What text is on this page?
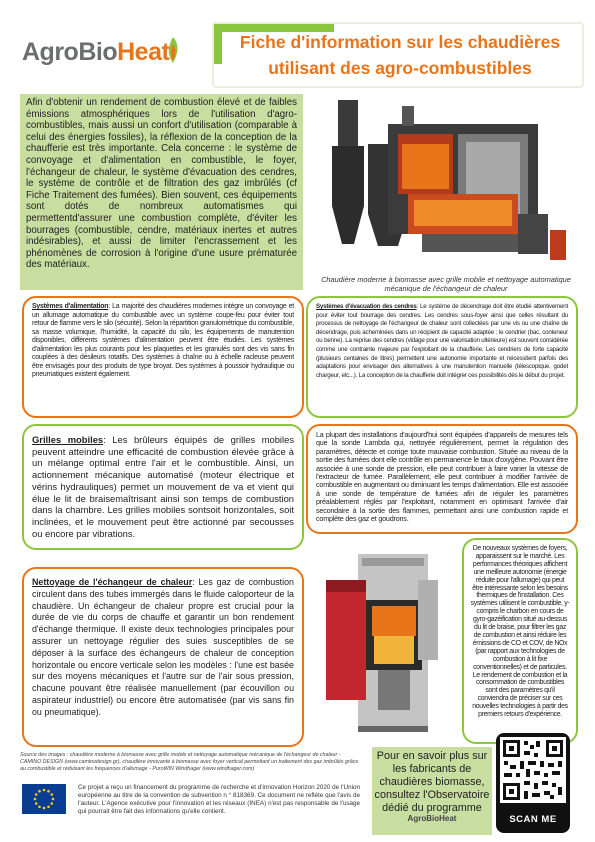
AgroBioHeat	Fiche d'information sur les chaudières
utilisant des agro-combustibles
Afin d'obtenir un rendement de combustion élevé et de faibles émissions atmosphériques lors de l'utilisation d'agro-combustibles, mais aussi un confort d'utilisation (comparable à celui des énergies fossiles), la réflexion de la conception de la chaufferie est très importante. Cela concerne : le système de convoyage et d'alimentation en combustible, le foyer, l'échangeur de chaleur, le système d'évacuation des cendres, le système de contrôle et de filtration des gaz imbrûlés (cf Fiche Traitement des fumées). Bien souvent, ces équipements sont dotés de nombreux automatismes qui permettentd'assurer une combustion complète, d'éviter les bourrages (combustible, cendre, matériaux inertes et autres indésirables), et aussi de limiter l'encrassement et les phénomènes de corrosion à l'origine d'une usure prématurée des matériaux.
Chaudière moderne à biomasse avec grille mobile et nettoyage automatique mécanique de l'échangeur de chaleur
Systèmes d'alimentation: La majorité des chaudières modernes intègre un convoyage et un allumage automatique du combustible avec un système coupe-feu pour éviter tout retour de flamme vers le silo (sécurité). Selon la répartition granulométrique du combustible, sa masse volumique, l'humidité, la capacité du silo, les équipements de manutention disponibles, différents systèmes d'alimentation peuvent être étudiés. Les systèmes d'alimentation les plus courants pour les plaquettes et les granulés sont des vis sans fin couplées à des désileurs rotatifs. Des systèmes à chaîne ou à échelle racleuse peuvent être envisagés pour des produits de type broyat. Des systèmes à poussoir hydraulique ou pneumatiques existent également.
Systèmes d'évacuation des cendres: Le système de décendrage doit être étudié attentivement pour éviter tout bourrage des cendres. Les cendres sous-foyer ainsi que celles résultant du processus de nettoyage de l'échangeur de chaleur sont collectées par une vis ou une chaîne de décendrage, puis acheminées dans un récipient de capacité adaptée : le cendrier (bac, conteneur ou benne). La reprise des cendres (vidage pour une valorisation ultérieure) est souvent considérée comme une contrainte majeure par l'exploitant de la chaufferie. Les cendriers de forte capacité (plusieurs centaines de litres) permettent une autonomie importante et nécessitent parfois des adaptations pour envisager des alternatives à une manutention manuelle (télescopique, godet chargeur, etc...). La conception de la chaufferie doit intégrer ces possibilités dès le début du projet.
Grilles mobiles: Les brûleurs équipés de grilles mobiles peuvent atteindre une efficacité de combustion élevée grâce à un mélange optimal entre l'air et le combustible. Ainsi, un actionnement mécanique automatisé (moteur électrique et vérins hydrauliques) permet un mouvement de va et vient qui élue le lit de braisemaîtrisant ainsi son temps de combustion dans la chambre. Les grilles mobiles sontsoit horizontales, soit inclinées, et le mouvement peut être actionné par secousses ou encore par vibrations.
La plupart des installations d'aujourd'hui sont équipées d'appareils de mesures tels que la sonde Lambda qui, nettoyée régulièrement, permet la régulation des paramètres, détecte et corrige toute mauvaise combustion. Située au niveau de la sortie des fumées dont elle contrôle en permanence le taux d'oxygène. Pouvant être associée à une sonde de pression, elle peut contribuer à faire varier la vitesse de l'extracteur de fumée. Parallèlement, elle peut contribuer à modifier l'arrivée de combustible en augmentant ou diminuant les temps d'alimentation. Elle est associée à une sonde de température de fumées afin de réguler les paramètres préalablement réglés par l'exploitant, notamment en optimisant l'arrivée d'air secondaire à la sortie des flammes, permettant ainsi une combustion rapide et complète des gaz et goudrons.
Nettoyage de l'échangeur de chaleur: Les gaz de combustion circulent dans des tubes immergés dans le fluide caloporteur de la chaudière. Un échangeur de chaleur propre est crucial pour la durée de vie du corps de chauffe et garantir un bon rendement d'échange thermique. Il existe deux technologies principales pour assurer un nettoyage régulier des suies susceptibles de se déposer à la surface des échangeurs de chaleur de conception horizontale ou encore verticale selon les modèles : l'une est basée sur des moyens mécaniques et l'autre sur de l'air sous pression, chacune pouvant être réalisée manuellement (par écouvillon ou aspirateur industriel) ou encore être automatisée (par vis sans fin ou pneumatique).
De nouveaux systèmes de foyers, apparaissent sur le marché. Les performances théoriques affichent une meilleure autonomie (énergie réduite pour l'allumage) qui peut être intéressante selon les besoins thermiques de l'installation. Ces systèmes utilisent le combustible, y-compris le charbon en cours de gyro-gazéification situé au-dessus du lit de braise, pour filtrer les gaz de combustion et ainsi réduire les émissions de CO et COV, de NOx (par rapport aux technologies de combustion à lit fixe conventionnelles) et de particules. Le rendement de combustion et la consommation de combustibles sont des paramètres qu'il conviendra de préciser sur ces nouvelles technologies à partir des premiers retours d'expérience.
Source des images : chaudière moderne à biomasse avec grille mobile et nettoyage automatique mécanique de l'échangeur de chaleur - CAMINO DESIGN (www.caminodesign.gr), chaudière innovante à biomasse avec foyer vertical permettant un traitement des gaz imbrûlés grâce au combustible et réduisant les fréquences d'allumage - PuroWIN Windhager (www.windhager.com)
Ce projet a reçu un financement du programme de recherche et d'innovation Horizon 2020 de l'Union européenne au titre de la convention de subvention n ° 818369. Ce document ne reflète que l'avis de l'auteur. L'Agence exécutive pour l'innovation et les réseaux (INEA) n'est pas responsable de l'usage qui pourrait être fait des informations qu'elle contient.
Pour en savoir plus sur les fabricants de chaudières biomasse, consultez l'Observatoire dédié du programme
AgroBioHeat	SCAN ME
